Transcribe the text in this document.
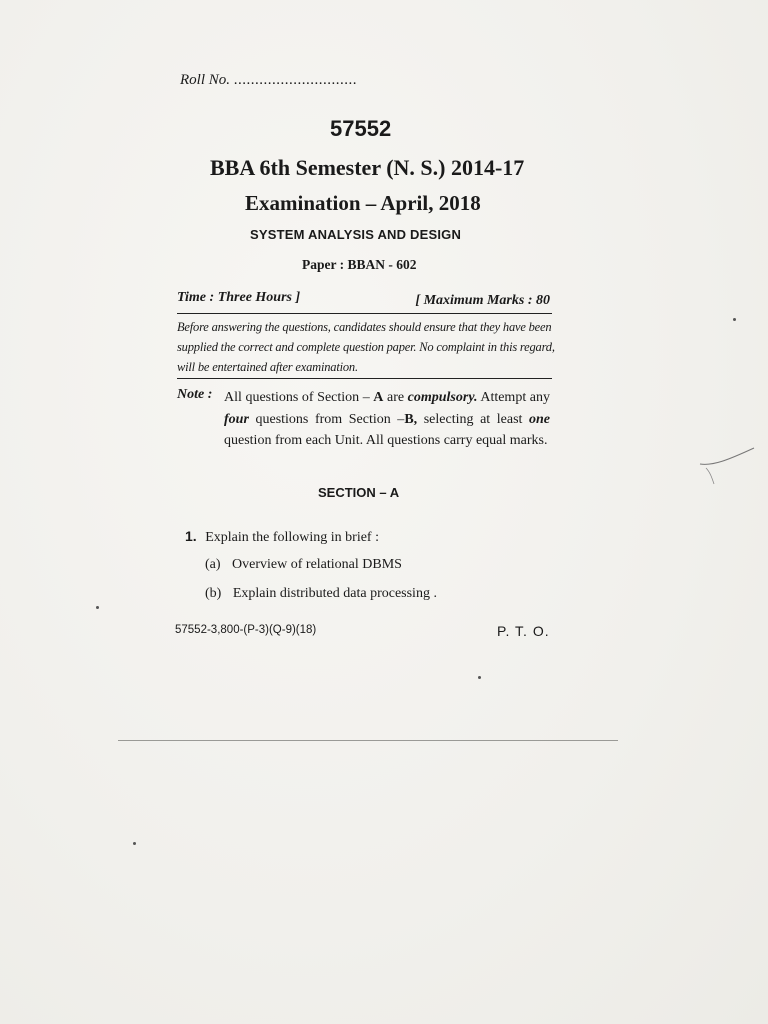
Roll No. .............................
57552
BBA 6th Semester (N. S.) 2014-17
Examination – April, 2018
SYSTEM ANALYSIS AND DESIGN
Paper : BBAN - 602
Time : Three Hours ]	[ Maximum Marks : 80
Before answering the questions, candidates should ensure that they have been supplied the correct and complete question paper. No complaint in this regard, will be entertained after examination.
Note : All questions of Section – A are compulsory. Attempt any four questions from Section –B, selecting at least one question from each Unit. All questions carry equal marks.
SECTION – A
1. Explain the following in brief :
(a) Overview of relational DBMS
(b) Explain distributed data processing .
57552-3,800-(P-3)(Q-9)(18)	P. T. O.
